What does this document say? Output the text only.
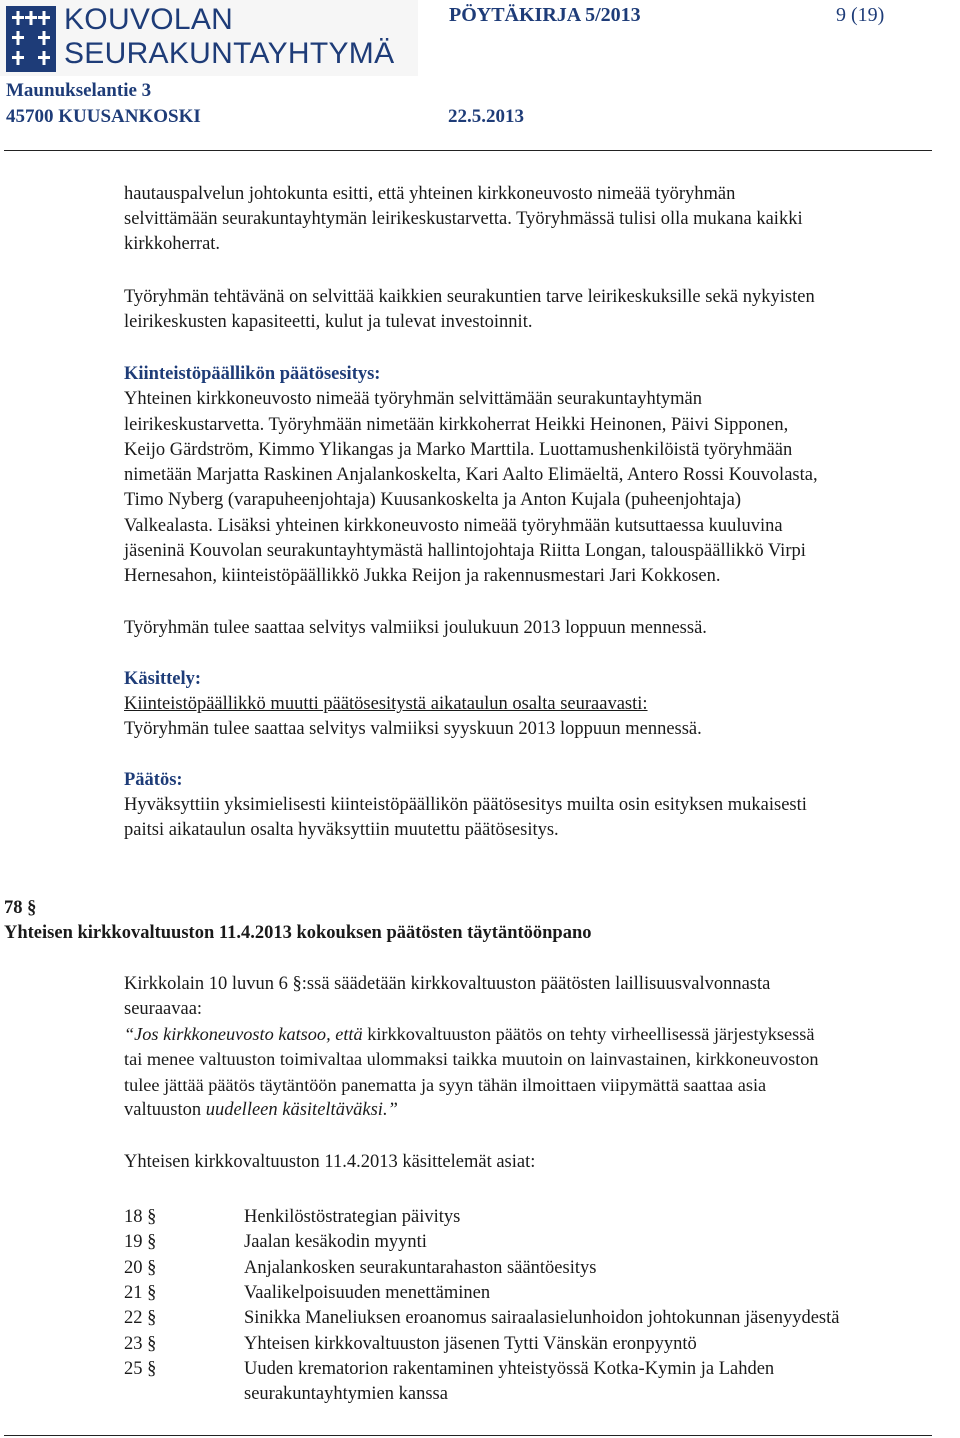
KOUVOLAN
SEURAKUNTAYHTYMÄ
PÖYTÄKIRJA 5/2013	9 (19)
Maunukselantie 3
45700 KUUSANKOSKI	22.5.2013
hautauspalvelun johtokunta esitti, että yhteinen kirkkoneuvosto nimeää työryhmän
selvittämään seurakuntayhtymän leirikeskustarvetta. Työryhmässä tulisi olla mukana kaikki
kirkkoherrat.
Työryhmän tehtävänä on selvittää kaikkien seurakuntien tarve leirikeskuksille sekä nykyisten
leirikeskusten kapasiteetti, kulut ja tulevat investoinnit.
Kiinteistöpäällikön päätösesitys:
Yhteinen kirkkoneuvosto nimeää työryhmän selvittämään seurakuntayhtymän
leirikeskustarvetta. Työryhmään nimetään kirkkoherrat Heikki Heinonen, Päivi Sipponen,
Keijo Gärdström, Kimmo Ylikangas ja Marko Marttila. Luottamushenkilöistä työryhmään
nimetään Marjatta Raskinen Anjalankoskelta, Kari Aalto Elimäeltä, Antero Rossi Kouvolasta,
Timo Nyberg (varapuheenjohtaja) Kuusankoskelta ja Anton Kujala (puheenjohtaja)
Valkealasta. Lisäksi yhteinen kirkkoneuvosto nimeää työryhmään kutsuttaessa kuuluvina
jäseninä Kouvolan seurakuntayhtymästä hallintojohtaja Riitta Longan, talouspäällikkö Virpi
Hernesahon, kiinteistöpäällikkö Jukka Reijon ja rakennusmestari Jari Kokkosen.
Työryhmän tulee saattaa selvitys valmiiksi joulukuun 2013 loppuun mennessä.
Käsittely:
Kiinteistöpäällikkö muutti päätösesitystä aikataulun osalta seuraavasti:
Työryhmän tulee saattaa selvitys valmiiksi syyskuun 2013 loppuun mennessä.
Päätös:
Hyväksyttiin yksimielisesti kiinteistöpäällikön päätösesitys muilta osin esityksen mukaisesti
paitsi aikataulun osalta hyväksyttiin muutettu päätösesitys.
78 §
Yhteisen kirkkovaltuuston 11.4.2013 kokouksen päätösten täytäntöönpano
Kirkkolain 10 luvun 6 §:ssä säädetään kirkkovaltuuston päätösten laillisuusvalvonnasta
seuraavaa:
“Jos kirkkoneuvosto katsoo, että kirkkovaltuuston päätös on tehty virheellisessä järjestyksessä
tai menee valtuuston toimivaltaa ulommaksi taikka muutoin on lainvastainen, kirkkoneuvoston
tulee jättää päätös täytäntöön panematta ja syyn tähän ilmoittaen viipymättä saattaa asia
valtuuston uudelleen käsiteltäväksi.”
Yhteisen kirkkovaltuuston 11.4.2013 käsittelemät asiat:
18 §	Henkilöstöstrategian päivitys
19 §	Jaalan kesäkodin myynti
20 §	Anjalankosken seurakuntarahaston sääntöesitys
21 §	Vaalikelpoisuuden menettäminen
22 §	Sinikka Maneliuksen eroanomus sairaalasielunhoidon johtokunnan jäsenyydestä
23 §	Yhteisen kirkkovaltuuston jäsenen Tytti Vänskän eronpyyntö
25 §	Uuden krematorion rakentaminen yhteistyössä Kotka-Kymin ja Lahden
seurakuntayhtymien kanssa
